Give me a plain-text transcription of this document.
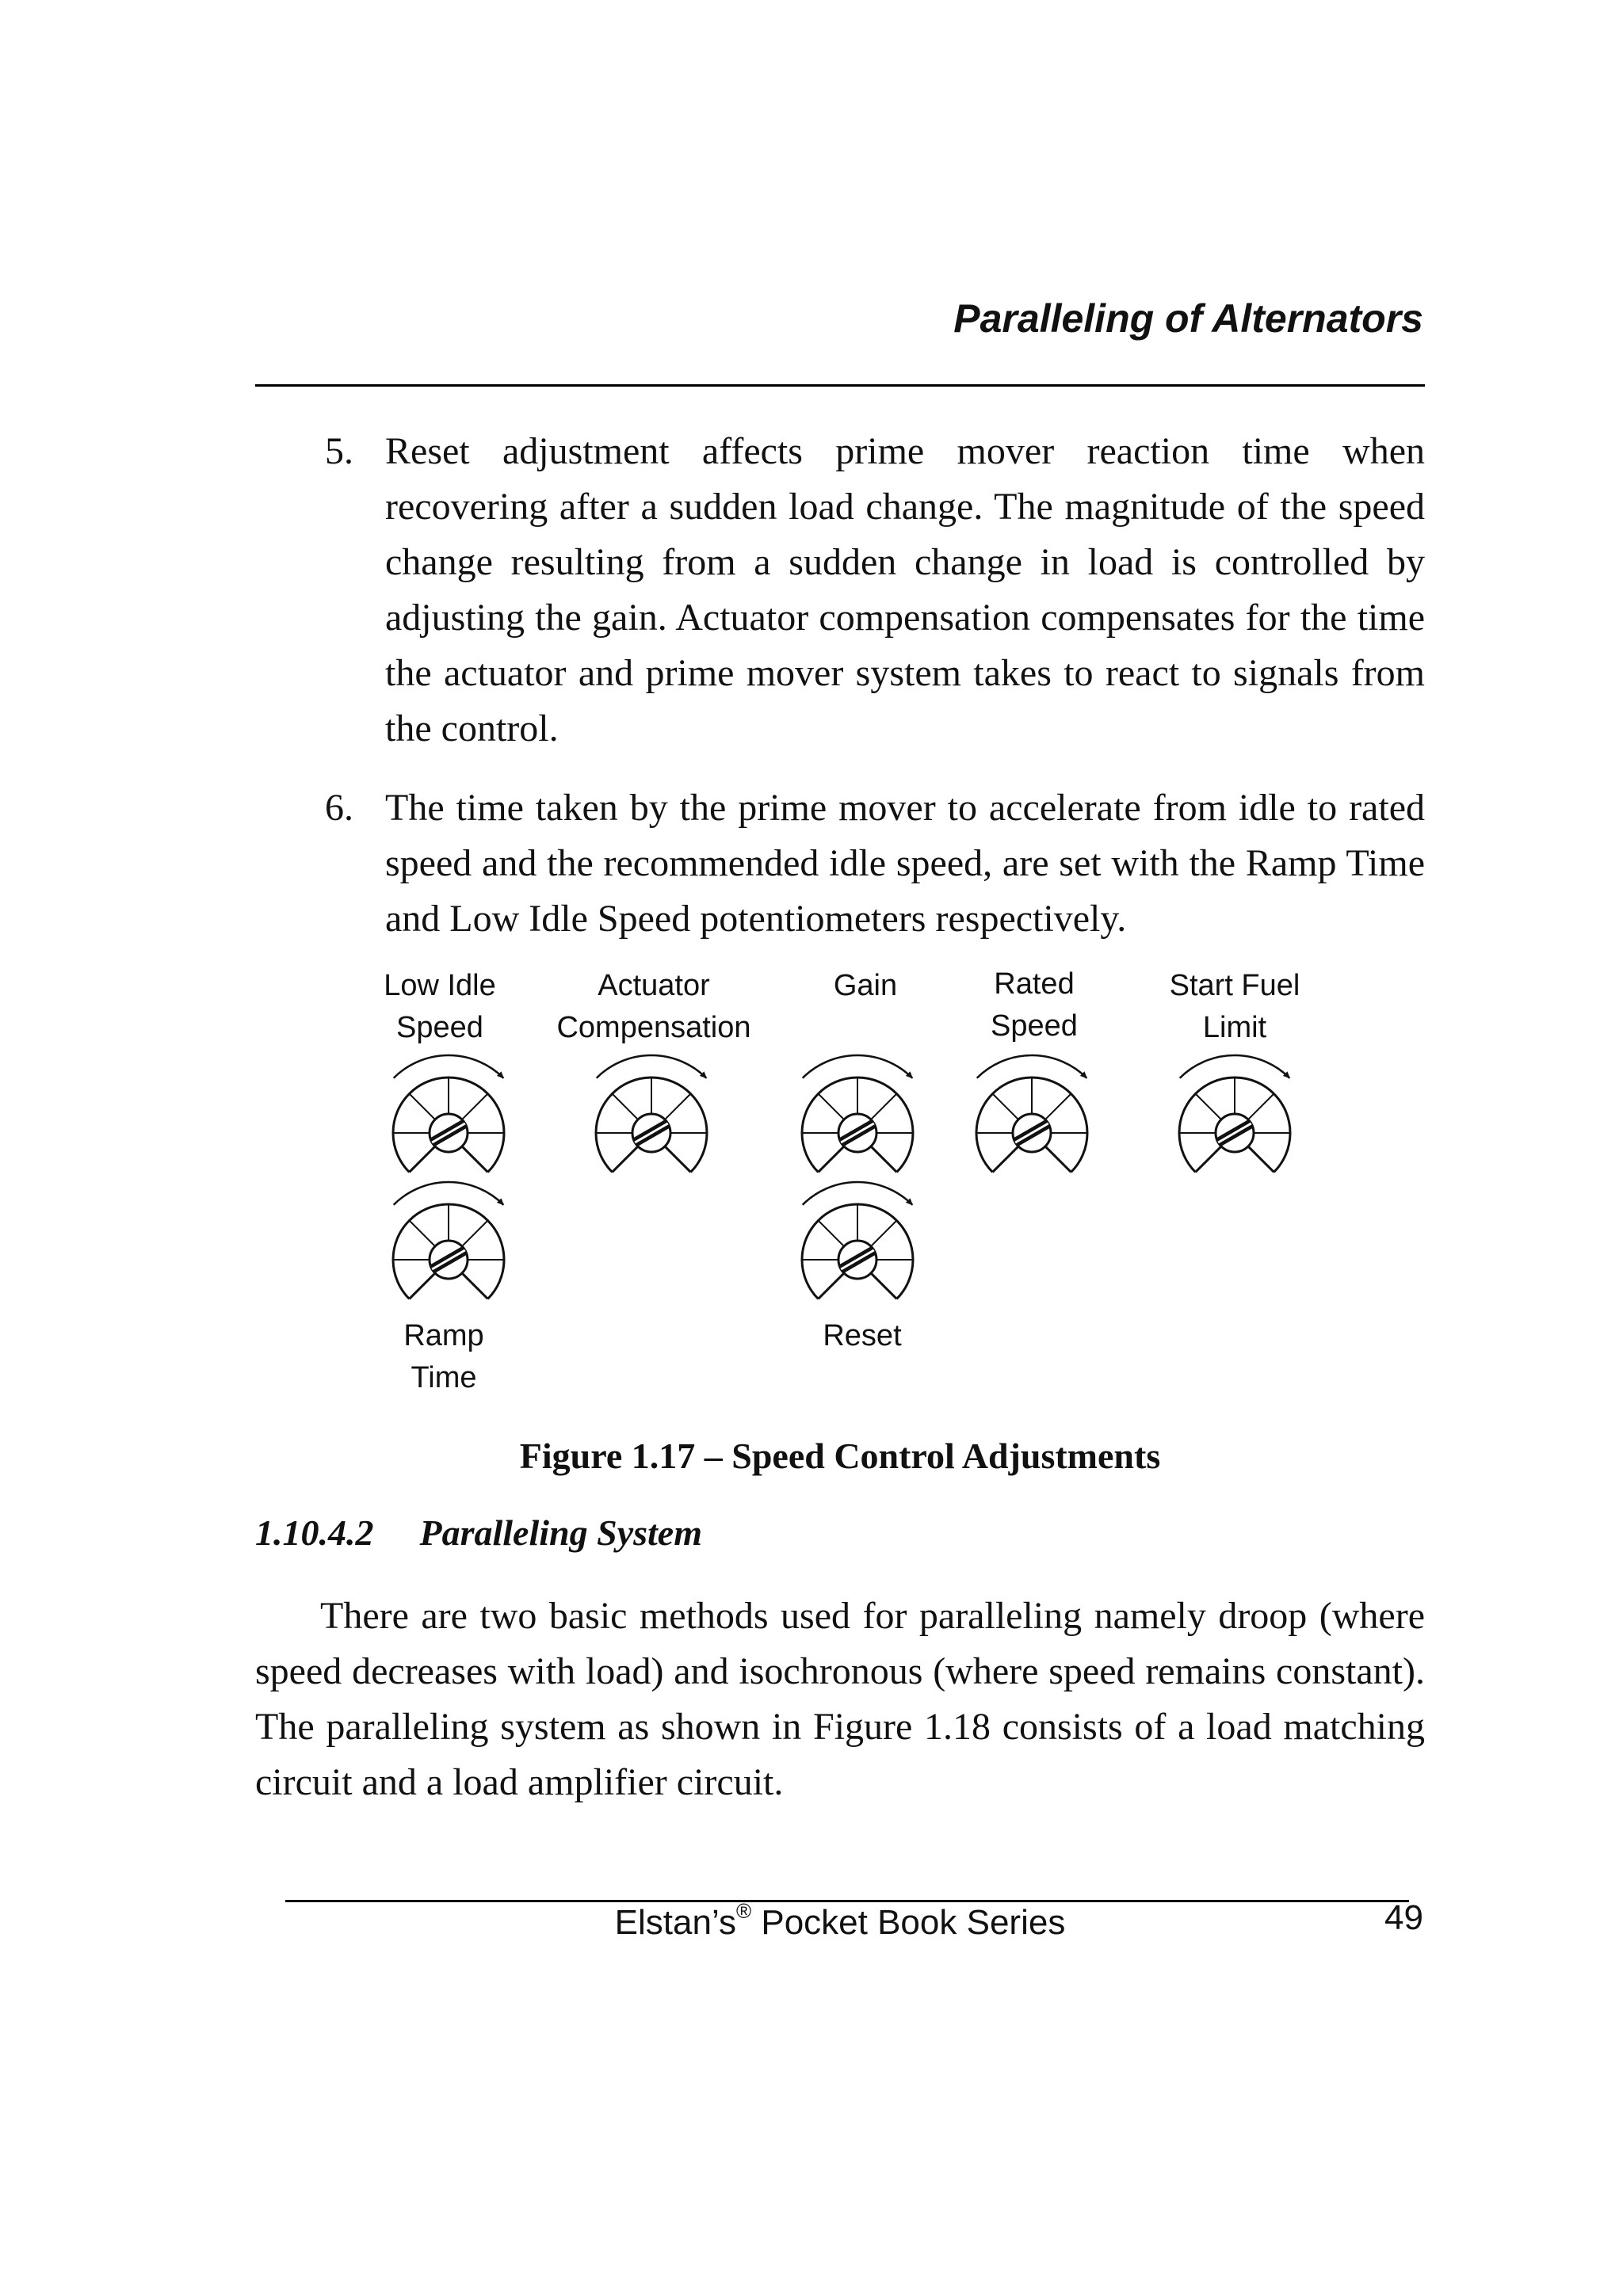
Paralleling of Alternators

5. Reset adjustment affects prime mover reaction time when recovering after a sudden load change. The magnitude of the speed change resulting from a sudden change in load is controlled by adjusting the gain. Actuator compensation compensates for the time the actuator and prime mover system takes to react to signals from the control.

6. The time taken by the prime mover to accelerate from idle to rated speed and the recommended idle speed, are set with the Ramp Time and Low Idle Speed potentiometers respectively.

Low Idle
Speed

Actuator
Compensation

Gain	Rated
Speed

Start Fuel
Limit

Ramp
Time

Reset

Figure 1.17 – Speed Control Adjustments

1.10.4.2 Paralleling System

There are two basic methods used for paralleling namely droop (where speed decreases with load) and isochronous (where speed remains constant). The paralleling system as shown in Figure 1.18 consists of a load matching circuit and a load amplifier circuit.

Elstan’s® Pocket Book Series	49
